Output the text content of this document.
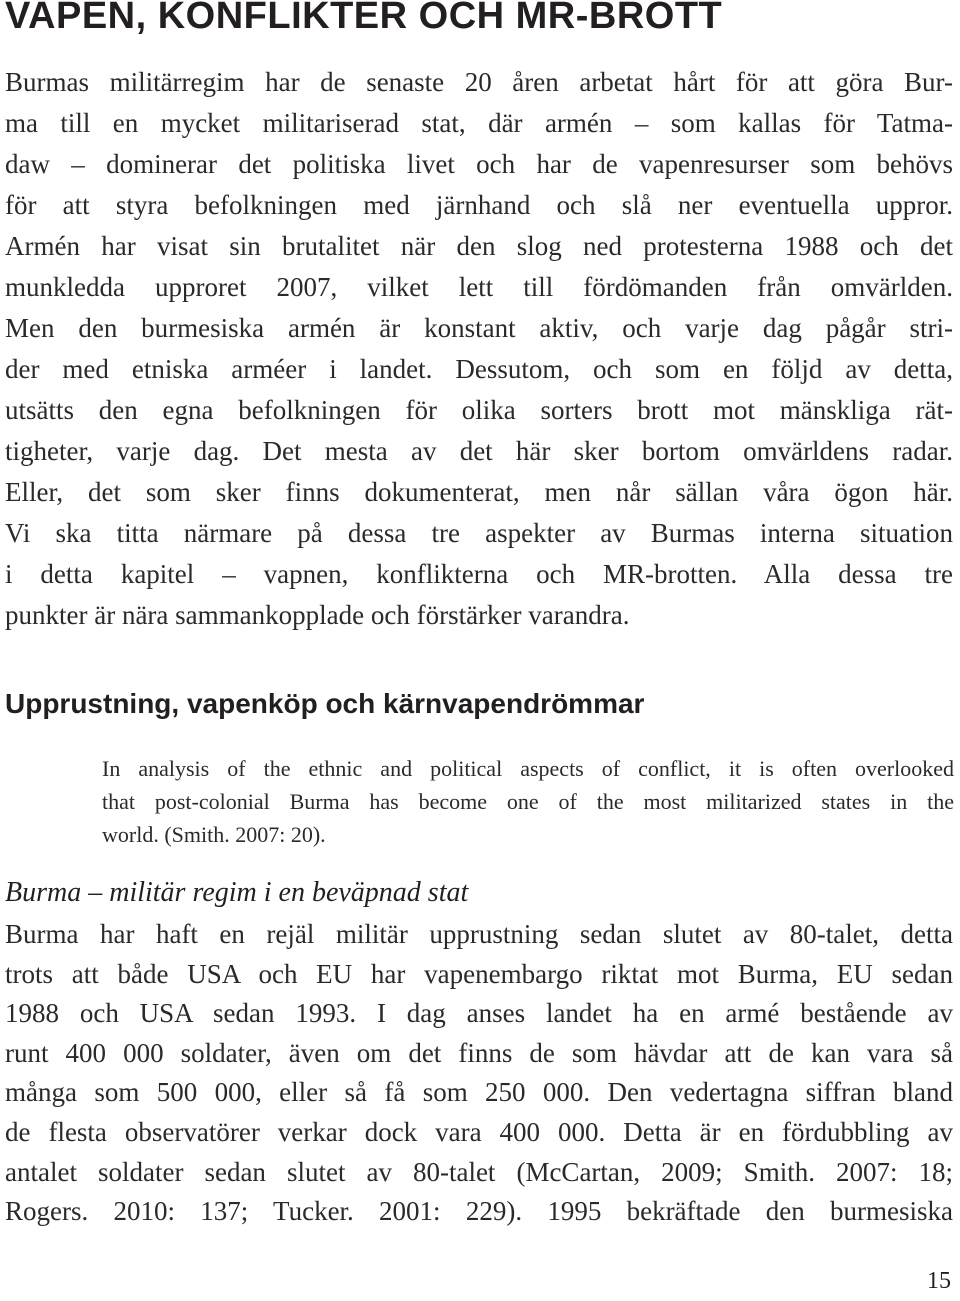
VAPEN, KONFLIKTER OCH MR-BROTT

Burmas militärregim har de senaste 20 åren arbetat hårt för att göra Bur-
ma till en mycket militariserad stat, där armén – som kallas för Tatma-
daw – dominerar det politiska livet och har de vapenresurser som behövs
för att styra befolkningen med järnhand och slå ner eventuella uppror.
Armén har visat sin brutalitet när den slog ned protesterna 1988 och det
munkledda upproret 2007, vilket lett till fördömanden från omvärlden.
Men den burmesiska armén är konstant aktiv, och varje dag pågår stri-
der med etniska arméer i landet. Dessutom, och som en följd av detta,
utsätts den egna befolkningen för olika sorters brott mot mänskliga rät-
tigheter, varje dag. Det mesta av det här sker bortom omvärldens radar.
Eller, det som sker finns dokumenterat, men når sällan våra ögon här.
Vi ska titta närmare på dessa tre aspekter av Burmas interna situation
i detta kapitel – vapnen, konflikterna och MR-brotten. Alla dessa tre
punkter är nära sammankopplade och förstärker varandra.

Upprustning, vapenköp och kärnvapendrömmar
In analysis of the ethnic and political aspects of conflict, it is often overlooked
that post-colonial Burma has become one of the most militarized states in the
world. (Smith. 2007: 20).
Burma – militär regim i en beväpnad stat

Burma har haft en rejäl militär upprustning sedan slutet av 80-talet, detta
trots att både USA och EU har vapenembargo riktat mot Burma, EU sedan
1988 och USA sedan 1993. I dag anses landet ha en armé bestående av
runt 400 000 soldater, även om det finns de som hävdar att de kan vara så
många som 500 000, eller så få som 250 000. Den vedertagna siffran bland
de flesta observatörer verkar dock vara 400 000. Detta är en fördubbling av
antalet soldater sedan slutet av 80-talet (McCartan, 2009; Smith. 2007: 18;
Rogers. 2010: 137; Tucker. 2001: 229). 1995 bekräftade den burmesiska

15
